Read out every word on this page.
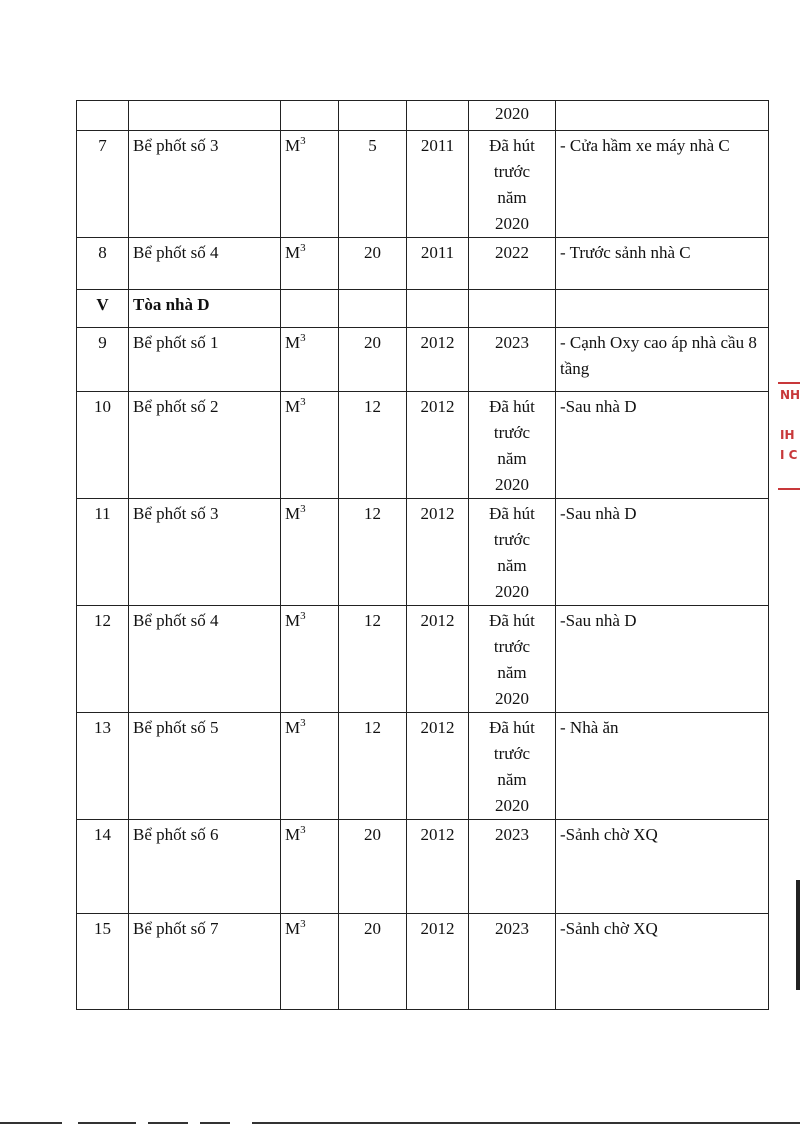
					2020	
7	Bể phốt số 3	$M^3$	5	2011	Đã hút
trước
năm
2020	- Cửa hầm xe máy nhà C
8	Bể phốt số 4	$M^3$	20	2011	2022	- Trước sảnh nhà C
V	Tòa nhà D					
9	Bể phốt số 1	$M^3$	20	2012	2023	- Cạnh Oxy cao áp nhà cầu 8 tầng
10	Bể phốt số 2	$M^3$	12	2012	Đã hút
trước
năm
2020	-Sau nhà D
11	Bể phốt số 3	$M^3$	12	2012	Đã hút
trước
năm
2020	-Sau nhà D
12	Bể phốt số 4	$M^3$	12	2012	Đã hút
trước
năm
2020	-Sau nhà D
13	Bể phốt số 5	$M^3$	12	2012	Đã hút
trước
năm
2020	- Nhà ăn
14	Bể phốt số 6	$M^3$	20	2012	2023	-Sảnh chờ XQ
15	Bể phốt số 7	$M^3$	20	2012	2023	-Sảnh chờ XQ
NH
IH
I C
